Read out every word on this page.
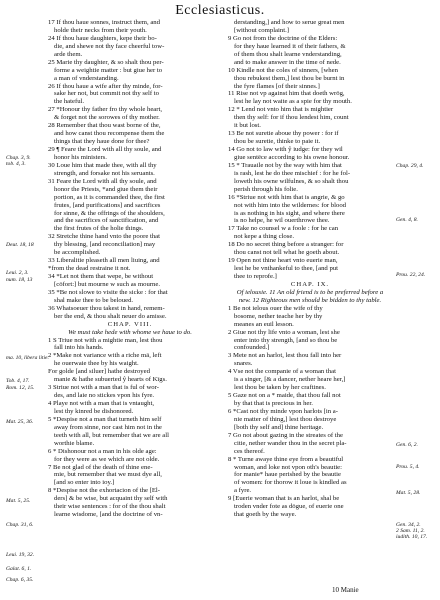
Ecclesiasticus.
17 If thou haue sonnes, instruct them, and
holde their necks from their youth.
24 If thou haue daughters, kepe their bo-
die, and shewe not thy face cheerful tow-
arde them.
25 Marie thy daughter, & so shalt thou per-
forme a weightie matter : but giue her to
a man of vnderstanding.
26 If thou haue a wife after thy minde, for-
sake her not, but commit not thy self to
the hateful.
27 *Honour thy father fro thy whole heart,
& forget not the sorowes of thy mother.
28 Remember that thou wast borne of the,
and how canst thou recompense them the
things that they haue done for thee?
29 ¶ Feare the Lord with all thy soule, and
honor his ministers.
30 Loue him that made thee, with all thy
strength, and forsake not his seruants.
31 Feare the Lord with all thy soule, and
honor the Priests, *and giue them their
portion, as it is commanded thee, the first
frutes, [and purifications] and sacrifices
for sinne, & the offrings of the shoulders,
and the sacrifices of sanctification, and
the first frutes of the holie things.
32 Stretche thine hand vnto the poore that
thy blessing, [and reconciliation] may
be accomplished.
33 Liberalitie pleaseth all men liuing, and
*from the dead restraine it not.
34 *Let not them that wepe, be without
[cōfort:] but mourne w such as mourne.
35 *Be not slowe to visite the sicke : for that
shal make thee to be beloued.
36 Whatsoeuer thou takest in hand, remem-
ber the end, & thou shalt neuer do amisse.
CHAP. VIII.
We must take hede with whome we haue to do.
1 S Triue not with a mightie man, lest thou
fall into his hands.
2 *Make not variance with a riche mā, left
he ouerwaie thee by his waight.
For golde [and siluer] hathe destroyed
manie & hathe subuerted ŷ hearts of Kīgs.
3 Striue not with a man that is ful of wor-
des, and laie no stickes vpon his fyre.
4 Playe not with a man that is vntaught,
lest thy kinred be dishonored.
5 *Despise not a man that turneth him self
away from sinne, nor cast him not in the
teeth with all, but remember that we are all
worthie blame.
6 * Dishonour not a man in his olde age:
for they were as we which are not olde.
7 Be not glad of the death of thine ene-
mie, but remember that we must dye all,
[and so enter into ioy.]
8 *Despise not the exhortacion of the [El-
ders] & be wise, but acquaint thy self with
their wise sentences : for of the thou shalt
learne wisdome, [and the doctrine of vn-
derstanding,] and how to serue great men
[without complaint.]
9 Go not from the doctrine of the Elders:
for they haue learned it of their fathers, &
of them thou shalt learne vnderstanding,
and to make answer in the time of nede.
10 Kindle not the coles of sinners, [when
thou rebukest them,] lest thou be burnt in
the fyre flames [of their sinnes.]
11 Rise not vp against him that doeth wrōg,
lest he lay not waite as a spie for thy mouth.
12 * Lend not vnto him that is mightier
then thy self: for if thou lendest him, count
it but lost.
13 Be not suretie aboue thy power : for if
thou be suretie, thinke to paie it.
14 Go not to law with ŷ iudge: for they wil
giue sentēce according to his owne honour.
15 * Trauaile not by the way with him that
is rash, lest he do thee mischief : for he fol-
loweth his owne wilfulnes, & so shalt thou
perish through his folie.
16 *Striue not with him that is angrie, & go
not with him into the wildernes: for blood
is as nothing in his sight, and where there
is no helpe, he wil ouerthrowe thee.
17 Take no counsel w a foole : for he can
not kepe a thing close.
18 Do no secret thing before a stranger: for
thou canst not tell what he goeth about.
19 Open not thine heart vnto euerie man,
lest he be vnthankeful to thee, [and put
thee to reprofe.]
CHAP. IX.
Of ielousie. 11 An old friend is to be preferred before a
new. 12 Righteous men should be bidden to thy table.
1 Be not ielous ouer the wife of thy
bosome, nether teache her by thy
meanes an euil lesson.
2 Giue not thy life vnto a woman, lest she
enter into thy strength, [and so thou be
confounded.]
3 Mete not an harlot, lest thou fall into her
snares.
4 Vse not the companie of a woman that
is a singer, [& a dancer, nether heare her,]
lest thou be taken by her craftines.
5 Gaze not on a * maide, that thou fall not
by that that is precious in her.
6 *Cast not thy minde vpon harlots [in a-
nie matter of thing,] lest thou destroye
[both thy self and] thine heritage.
7 Go not about gazing in the streates of the
citie, nether wander thou in the secret pla-
ces thereof.
8 * Turne awaye thine eye from a beautiful
woman, and loke not vpon oth's beautie:
for manie* haue perished by the beautie
of women: for thorow it loue is kindled as
a fyre.
9 [Euerie woman that is an harlot, shal be
troden vnder fote as dōgue, of euerie one
that goeth by the waye.
Chap. 3, 9.
tob. 4, 3.
Deut. 18, 18
Leui. 2, 3.
num. 18, 13
ma. 10, libera litie.
Tob. 4, 17.
Rom. 12, 15.
Mat. 25, 36.
Mat. 5, 25.
Chap. 31, 6.
Galat. 6, 1.
Leui. 19, 32.
Chap. 6, 35.
Chap. 29, 4.
Gen. 4, 8.
Prou. 22, 24.
Gen. 6, 2.
Prou. 5, 4.
Mat. 5, 28.
Gen. 34, 2.
2 Sam. 11, 2.
iudith. 10, 17.
10 Manie
